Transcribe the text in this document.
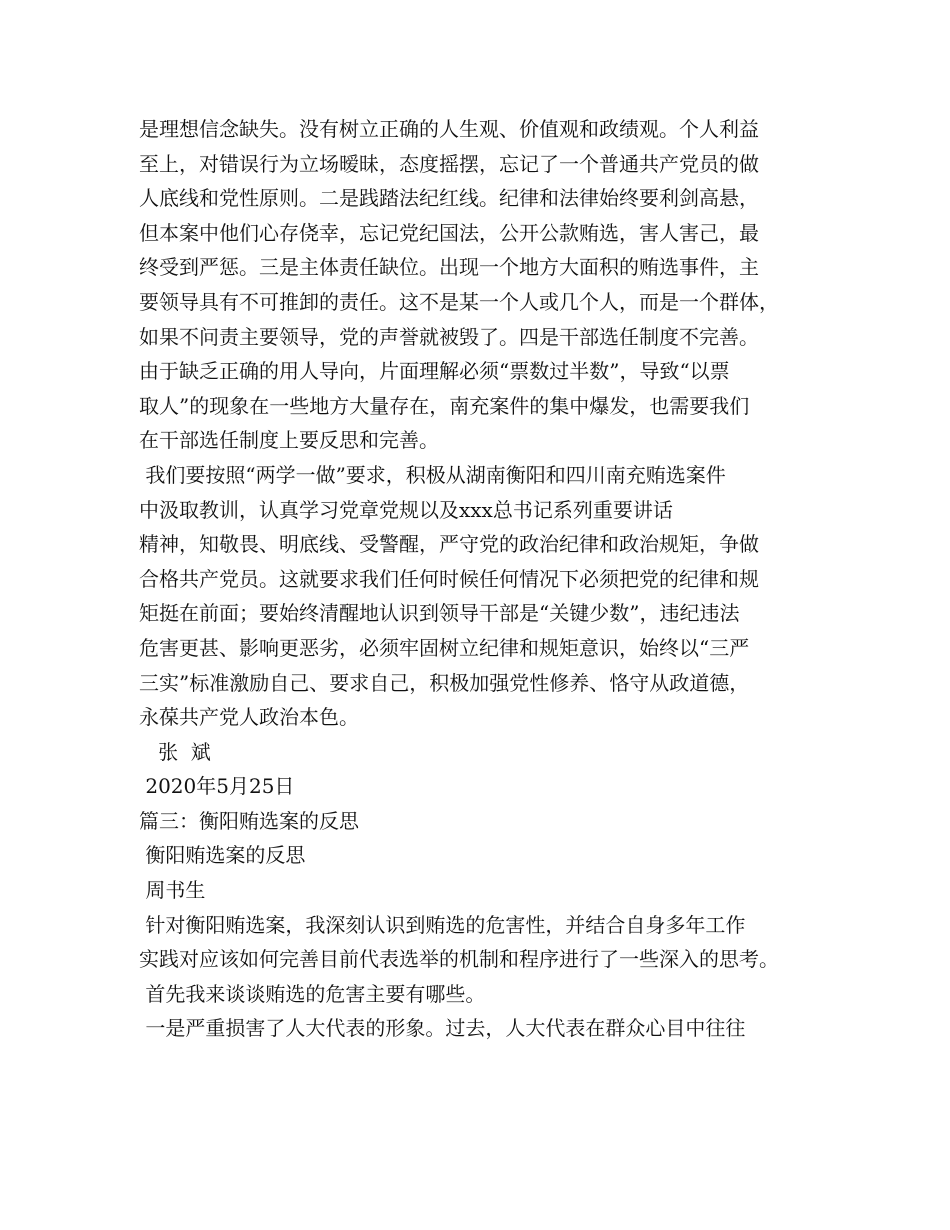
是理想信念缺失。没有树立正确的人生观、价值观和政绩观。个人利益
至上，对错误行为立场暧昧，态度摇摆，忘记了一个普通共产党员的做
人底线和党性原则。二是践踏法纪红线。纪律和法律始终要利剑高悬，
但本案中他们心存侥幸，忘记党纪国法，公开公款贿选，害人害己，最
终受到严惩。三是主体责任缺位。出现一个地方大面积的贿选事件，主
要领导具有不可推卸的责任。这不是某一个人或几个人，而是一个群体，
如果不问责主要领导，党的声誉就被毁了。四是干部选任制度不完善。
由于缺乏正确的用人导向，片面理解必须“票数过半数”，导致“以票
取人”的现象在一些地方大量存在，南充案件的集中爆发，也需要我们
在干部选任制度上要反思和完善。
我们要按照“两学一做”要求，积极从湖南衡阳和四川南充贿选案件
中汲取教训，认真学习党章党规以及xxx总书记系列重要讲话
精神，知敬畏、明底线、受警醒，严守党的政治纪律和政治规矩，争做
合格共产党员。这就要求我们任何时候任何情况下必须把党的纪律和规
矩挺在前面；要始终清醒地认识到领导干部是“关键少数”，违纪违法
危害更甚、影响更恶劣，必须牢固树立纪律和规矩意识，始终以“三严
三实”标准激励自己、要求自己，积极加强党性修养、恪守从政道德，
永葆共产党人政治本色。
张  斌
2020年5月25日
篇三：衡阳贿选案的反思
衡阳贿选案的反思
周书生
针对衡阳贿选案，我深刻认识到贿选的危害性，并结合自身多年工作
实践对应该如何完善目前代表选举的机制和程序进行了一些深入的思考。
首先我来谈谈贿选的危害主要有哪些。
一是严重损害了人大代表的形象。过去，人大代表在群众心目中往往
